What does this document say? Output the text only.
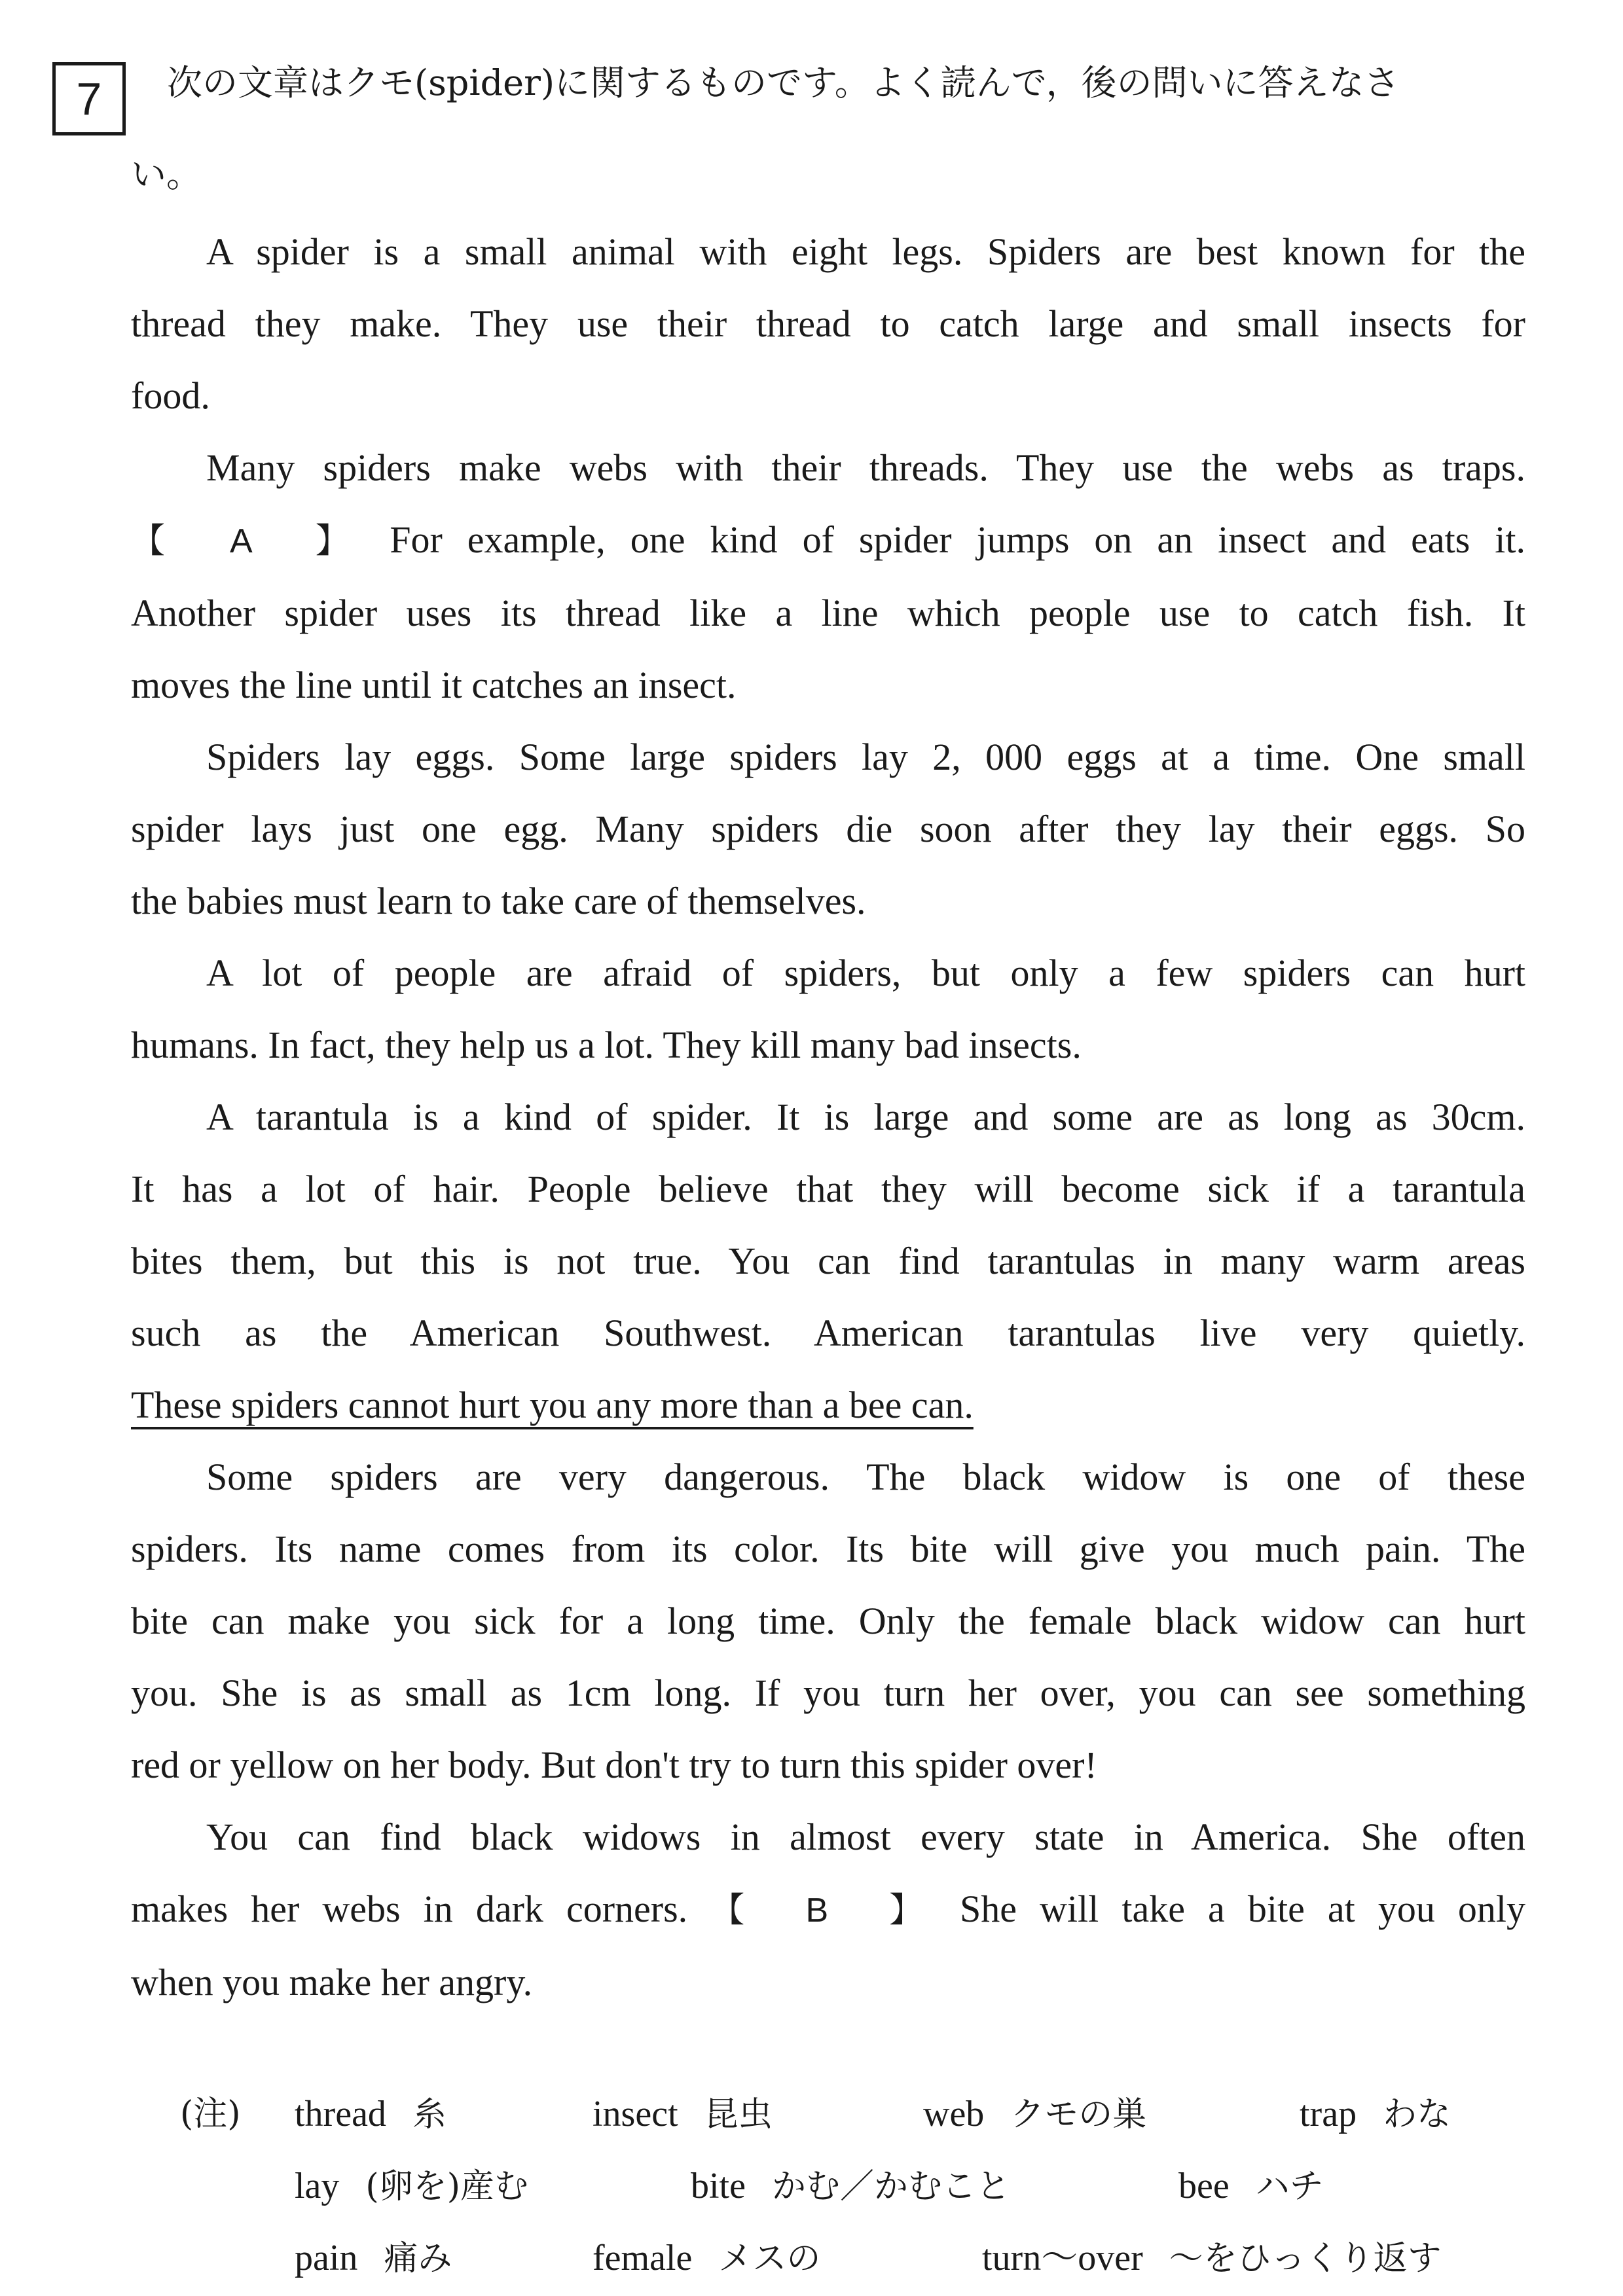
7 次の文章はクモ(spider)に関するものです。よく読んで，後の問いに答えなさ
い。
A spider is a small animal with eight legs. Spiders are best known for the
thread they make. They use their thread to catch large and small insects for
food.
Many spiders make webs with their threads. They use the webs as traps.
【　A　】 For example, one kind of spider jumps on an insect and eats it.
Another spider uses its thread like a line which people use to catch fish. It
moves the line until it catches an insect.
Spiders lay eggs. Some large spiders lay 2, 000 eggs at a time. One small
spider lays just one egg. Many spiders die soon after they lay their eggs. So
the babies must learn to take care of themselves.
A lot of people are afraid of spiders, but only a few spiders can hurt
humans. In fact, they help us a lot. They kill many bad insects.
A tarantula is a kind of spider. It is large and some are as long as 30cm.
It has a lot of hair. People believe that they will become sick if a tarantula
bites them, but this is not true. You can find tarantulas in many warm areas
such as the American Southwest. American tarantulas live very quietly.
These spiders cannot hurt you any more than a bee can.
Some spiders are very dangerous. The black widow is one of these
spiders. Its name comes from its color. Its bite will give you much pain. The
bite can make you sick for a long time. Only the female black widow can hurt
you. She is as small as 1cm long. If you turn her over, you can see something
red or yellow on her body. But don't try to turn this spider over!
You can find black widows in almost every state in America. She often
makes her webs in dark corners. 【　B　】 She will take a bite at you only
when you make her angry.
(注) thread 糸	insect 昆虫	web クモの巣	trap わな
lay (卵を)産む	bite かむ／かむこと	bee ハチ
pain 痛み	female メスの	turn～over ～をひっくり返す
